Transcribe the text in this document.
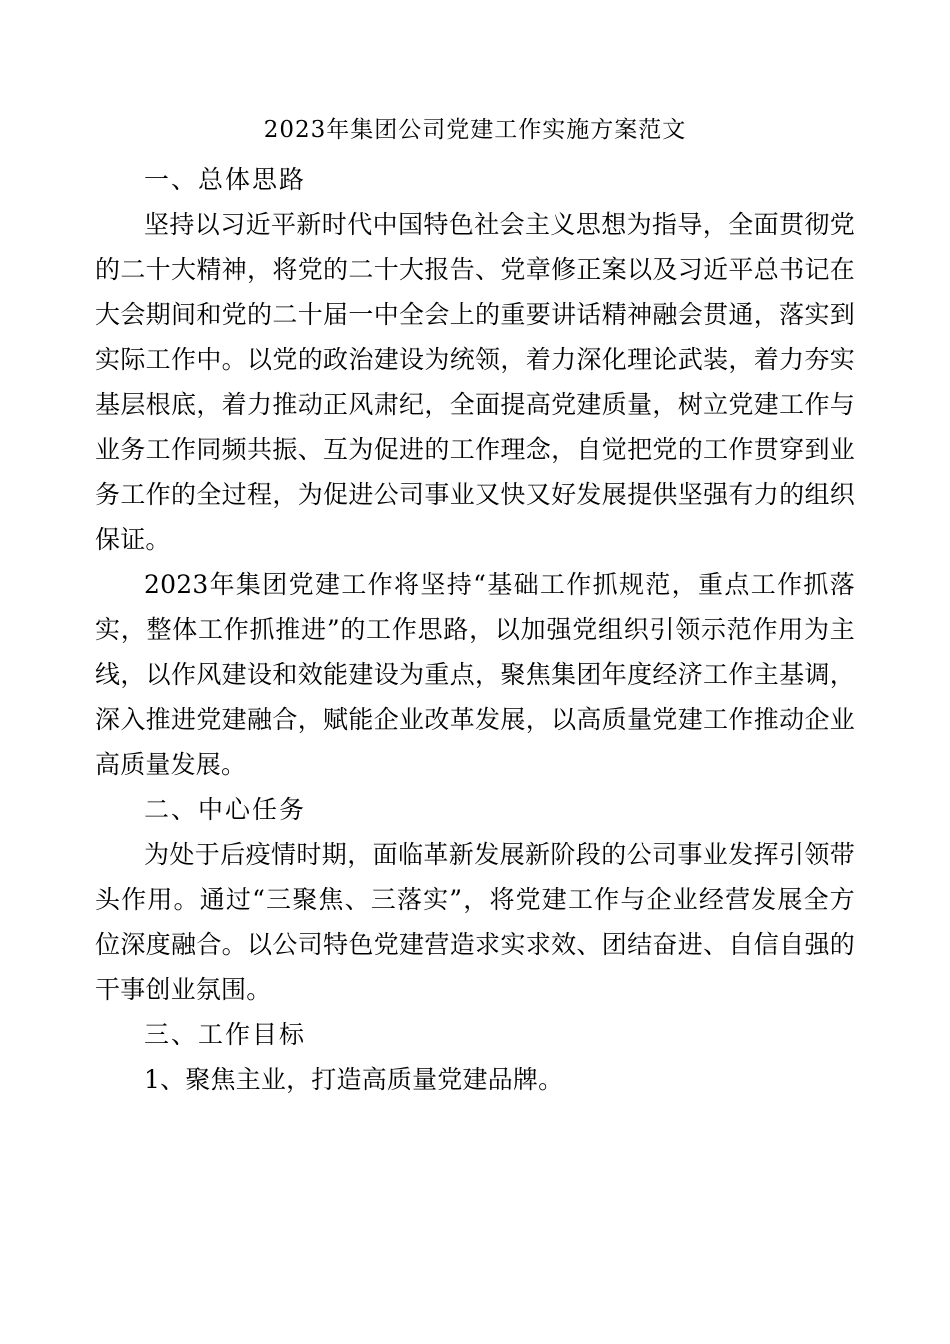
2023年集团公司党建工作实施方案范文
一、总体思路
坚持以习近平新时代中国特色社会主义思想为指导，全面贯彻党
的二十大精神，将党的二十大报告、党章修正案以及习近平总书记在
大会期间和党的二十届一中全会上的重要讲话精神融会贯通，落实到
实际工作中。以党的政治建设为统领，着力深化理论武装，着力夯实
基层根底，着力推动正风肃纪，全面提高党建质量，树立党建工作与
业务工作同频共振、互为促进的工作理念，自觉把党的工作贯穿到业
务工作的全过程，为促进公司事业又快又好发展提供坚强有力的组织
保证。
2023年集团党建工作将坚持“基础工作抓规范，重点工作抓落
实，整体工作抓推进”的工作思路，以加强党组织引领示范作用为主
线，以作风建设和效能建设为重点，聚焦集团年度经济工作主基调，
深入推进党建融合，赋能企业改革发展，以高质量党建工作推动企业
高质量发展。
二、中心任务
为处于后疫情时期，面临革新发展新阶段的公司事业发挥引领带
头作用。通过“三聚焦、三落实”，将党建工作与企业经营发展全方
位深度融合。以公司特色党建营造求实求效、团结奋进、自信自强的
干事创业氛围。
三、工作目标
1、聚焦主业，打造高质量党建品牌。
